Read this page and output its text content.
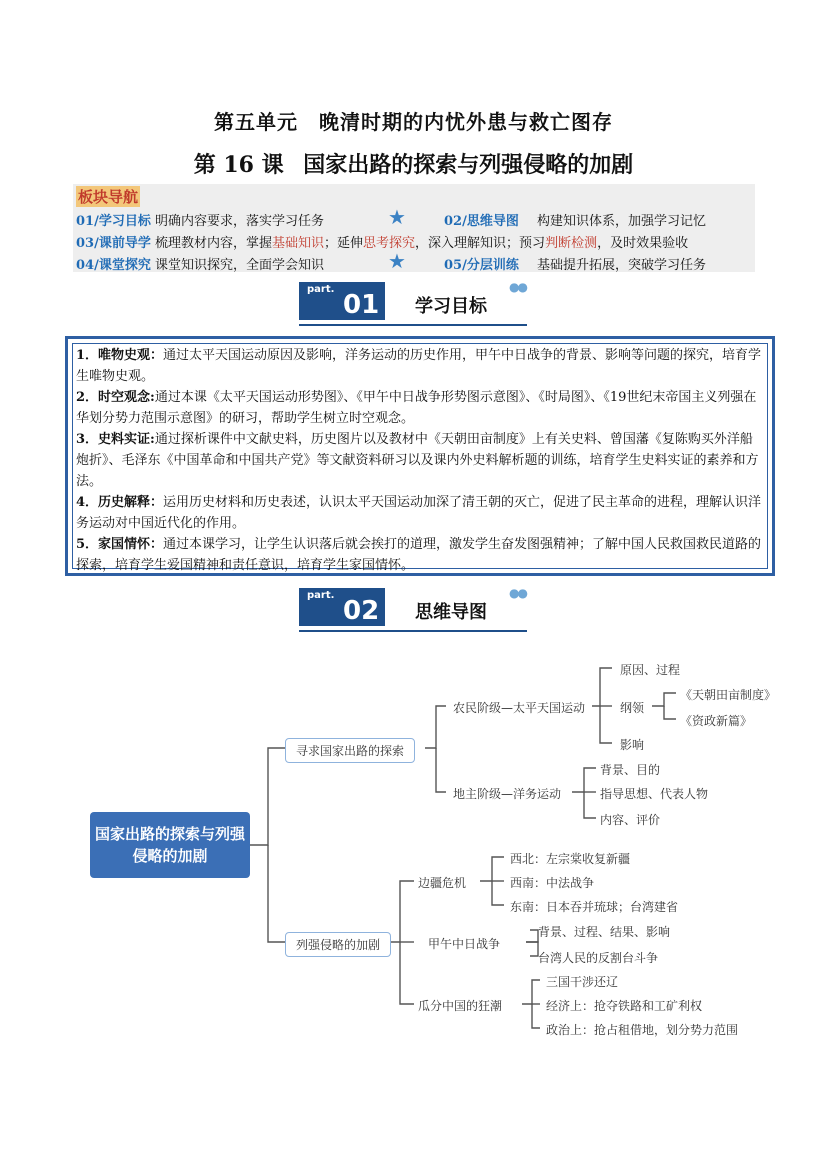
第五单元　晚清时期的内忧外患与救亡图存
第 16 课 国家出路的探索与列强侵略的加剧
板块导航
01/学习目标 明确内容要求，落实学习任务	★	02/思维导图 构建知识体系，加强学习记忆
03/课前导学 梳理教材内容，掌握基础知识；延伸思考探究，深入理解知识；预习判断检测，及时效果验收
04/课堂探究 课堂知识探究，全面学会知识	★	05/分层训练 基础提升拓展，突破学习任务
part.
01 学习目标
●●

1．唯物史观：通过太平天国运动原因及影响，洋务运动的历史作用，甲午中日战争的背景、影响等问题的探究，培育学生唯物史观。

2．时空观念:通过本课《太平天国运动形势图》、《甲午中日战争形势图示意图》、《时局图》、《19世纪末帝国主义列强在华划分势力范围示意图》的研习，帮助学生树立时空观念。

3．史料实证:通过探析课件中文献史料，历史图片以及教材中《天朝田亩制度》上有关史料、曾国藩《复陈购买外洋船炮折》、毛泽东《中国革命和中国共产党》等文献资料研习以及课内外史料解析题的训练，培育学生史料实证的素养和方法。

4．历史解释：运用历史材料和历史表述，认识太平天国运动加深了清王朝的灭亡，促进了民主革命的进程，理解认识洋务运动对中国近代化的作用。

5．家国情怀：通过本课学习，让学生认识落后就会挨打的道理，激发学生奋发图强精神；了解中国人民救国救民道路的探索，培育学生爱国精神和责任意识，培育学生家国情怀。

part.
02 思维导图
●●
国家出路的探索与列强侵略的加剧
寻求国家出路的探索
农民阶级—太平天国运动
原因、过程
纲领
《天朝田亩制度》
《资政新篇》
影响
地主阶级—洋务运动
背景、目的
指导思想、代表人物
内容、评价
列强侵略的加剧
边疆危机
西北：左宗棠收复新疆
西南：中法战争
东南：日本吞并琉球；台湾建省
甲午中日战争
背景、过程、结果、影响
台湾人民的反割台斗争
瓜分中国的狂潮
三国干涉还辽
经济上：抢夺铁路和工矿利权
政治上：抢占租借地，划分势力范围
